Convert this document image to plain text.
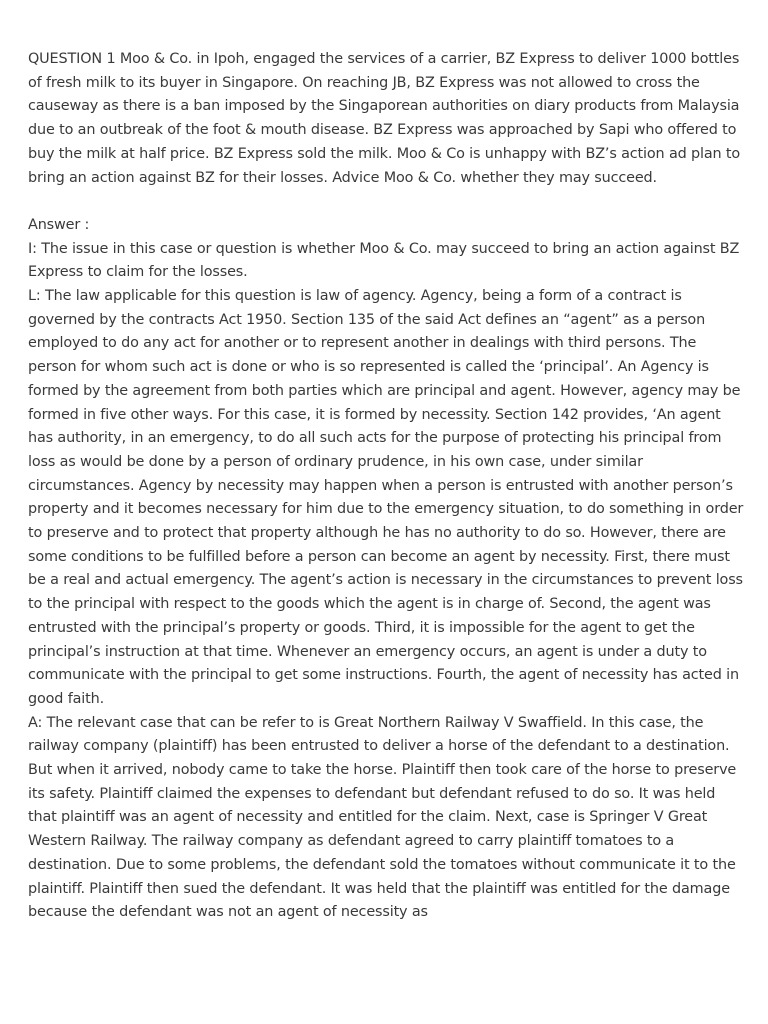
QUESTION 1 Moo & Co. in Ipoh, engaged the services of a carrier, BZ Express to deliver 1000 bottles of fresh milk to its buyer in Singapore. On reaching JB, BZ Express was not allowed to cross the causeway as there is a ban imposed by the Singaporean authorities on diary products from Malaysia due to an outbreak of the foot & mouth disease. BZ Express was approached by Sapi who offered to buy the milk at half price. BZ Express sold the milk. Moo & Co is unhappy with BZ’s action ad plan to bring an action against BZ for their losses. Advice Moo & Co. whether they may succeed.

Answer :

I: The issue in this case or question is whether Moo & Co. may succeed to bring an action against BZ Express to claim for the losses.

L: The law applicable for this question is law of agency. Agency, being a form of a contract is governed by the contracts Act 1950. Section 135 of the said Act defines an “agent” as a person employed to do any act for another or to represent another in dealings with third persons. The person for whom such act is done or who is so represented is called the ‘principal’. An Agency is formed by the agreement from both parties which are principal and agent. However, agency may be formed in five other ways. For this case, it is formed by necessity. Section 142 provides, ‘An agent has authority, in an emergency, to do all such acts for the purpose of protecting his principal from loss as would be done by a person of ordinary prudence, in his own case, under similar circumstances. Agency by necessity may happen when a person is entrusted with another person’s property and it becomes necessary for him due to the emergency situation, to do something in order to preserve and to protect that property although he has no authority to do so. However, there are some conditions to be fulfilled before a person can become an agent by necessity. First, there must be a real and actual emergency. The agent’s action is necessary in the circumstances to prevent loss to the principal with respect to the goods which the agent is in charge of. Second, the agent was entrusted with the principal’s property or goods. Third, it is impossible for the agent to get the principal’s instruction at that time. Whenever an emergency occurs, an agent is under a duty to communicate with the principal to get some instructions. Fourth, the agent of necessity has acted in good faith.

A: The relevant case that can be refer to is Great Northern Railway V Swaffield. In this case, the railway company (plaintiff) has been entrusted to deliver a horse of the defendant to a destination. But when it arrived, nobody came to take the horse. Plaintiff then took care of the horse to preserve its safety. Plaintiff claimed the expenses to defendant but defendant refused to do so. It was held that plaintiff was an agent of necessity and entitled for the claim. Next, case is Springer V Great Western Railway. The railway company as defendant agreed to carry plaintiff tomatoes to a destination. Due to some problems, the defendant sold the tomatoes without communicate it to the plaintiff. Plaintiff then sued the defendant. It was held that the plaintiff was entitled for the damage because the defendant was not an agent of necessity as
